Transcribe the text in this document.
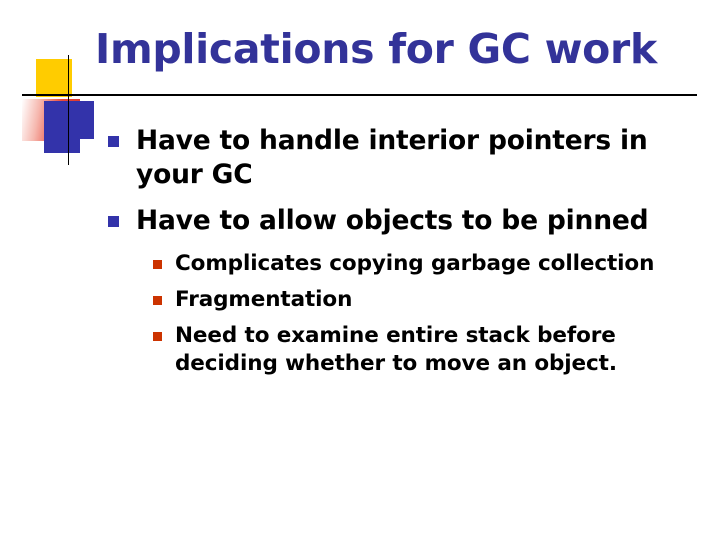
Implications for GC work
Have to handle interior pointers in your GC
Have to allow objects to be pinned
Complicates copying garbage collection
Fragmentation
Need to examine entire stack before deciding whether to move an object.
